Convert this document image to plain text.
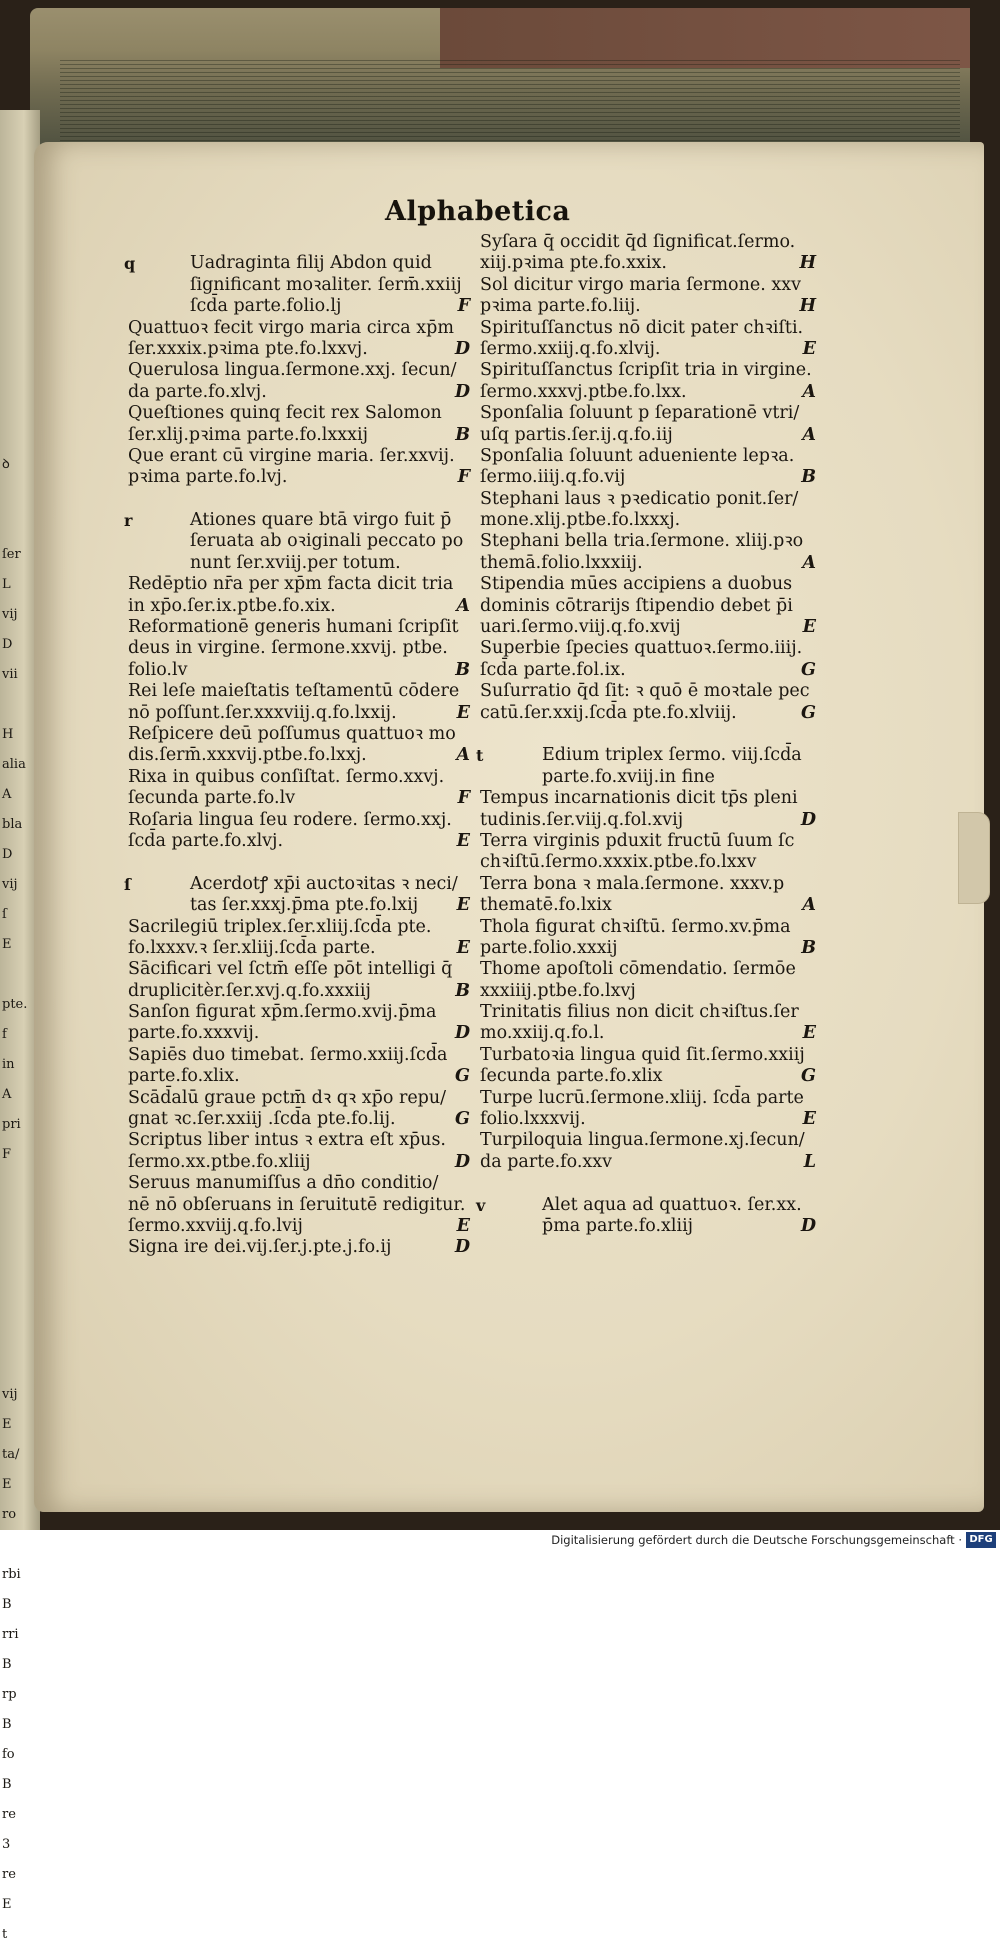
ꝺ

ſer
L
vij
D
vii

H
alia
A
bla
D
vij
ſ
E

pte.
f
in
A
pri
F

vij
E
ta/
E
ro

rbi
B
rri
B
rp
B
fo
B
re
3
re
E
t

Alphabetica
q	Uadraginta filij Abdon quid
ſignificant moꝛaliter. ſerm̄.xxiij
ſcd̄a parte.folio.lj	F
Quattuoꝛ fecit virgo maria circa xp̄m
ſer.xxxix.pꝛima pte.fo.lxxvj.	D
Querulosa lingua.ſermone.xxj. ſecun/
da parte.fo.xlvj.	D
Queſtiones quinq fecit rex Salomon
ſer.xlij.pꝛima parte.fo.lxxxij	B
Que erant cū virgine maria. ſer.xxvij.
pꝛima parte.fo.lvj.	F
r	Ationes quare btā virgo fuit p̄
ſeruata ab oꝛiginali peccato po
nunt ſer.xviij.per totum.
Redēptio nr̄a per xp̄m facta dicit tria
in xp̄o.ſer.ix.ptbe.fo.xix.	A
Reformationē generis humani ſcripſit
deus in virgine. ſermone.xxvij. ptbe.
folio.lv	B
Rei leſe maieſtatis teſtamentū cōdere
nō poſſunt.ſer.xxxviij.q.fo.lxxij.	E
Reſpicere deū poſſumus quattuoꝛ mo
dis.ſerm̄.xxxvij.ptbe.fo.lxxj.	A
Rixa in quibus conſiſtat. ſermo.xxvj.
ſecunda parte.fo.lv	F
Roſaria lingua ſeu rodere. ſermo.xxj.
ſcd̄a parte.fo.xlvj.	E
ſ	Acerdotꝭ xp̄i auctoꝛitas ꝛ neci/
tas ſer.xxxj.p̄ma pte.fo.lxij	E
Sacrilegiū triplex.ſer.xliij.ſcd̄a pte.
fo.lxxxv.ꝛ ſer.xliij.ſcd̄a parte.	E
Sācificari vel ſctm̄ eſſe pōt intelligi q̄
druplicitèr.ſer.xvj.q.fo.xxxiij	B
Sanſon figurat xp̄m.ſermo.xvij.p̄ma
parte.fo.xxxvij.	D
Sapiēs duo timebat. ſermo.xxiij.ſcd̄a
parte.fo.xlix.	G
Scād̄alū graue pctm̄ dꝛ qꝛ xp̄o repu/
gnat ꝛc.ſer.xxiij .ſcd̄a pte.fo.lij.	G
Scriptus liber intus ꝛ extra eſt xp̄us.
ſermo.xx.ptbe.fo.xliij	D
Seruus manumiſſus a dn̄o conditio/
nē nō obſeruans in ſeruitutē redigitur.
ſermo.xxviij.q.fo.lvij	E
Signa ire dei.vij.ſer.j.pte.j.fo.ij	D
Syſara q̄ occidit q̄d ſignificat.ſermo.
xiij.pꝛima pte.fo.xxix.	H
Sol dicitur virgo maria ſermone. xxv
pꝛima parte.fo.liij.	H
Spirituſſanctus nō dicit pater chꝛiſti.
ſermo.xxiij.q.fo.xlvij.	E
Spirituſſanctus ſcripſit tria in virgine.
ſermo.xxxvj.ptbe.fo.lxx.	A
Sponſalia ſoluunt p ſeparationē vtri/
uſq partis.ſer.ij.q.fo.iij	A
Sponſalia ſoluunt adueniente lepꝛa.
ſermo.iiij.q.fo.vij	B
Stephani laus ꝛ pꝛedicatio ponit.ſer/
mone.xlij.ptbe.fo.lxxxj.
Stephani bella tria.ſermone. xliij.pꝛo
themā.folio.lxxxiij.	A
Stipendia mūes accipiens a duobus
dominis cōtrarijs ſtipendio debet p̄i
uari.ſermo.viij.q.fo.xvij	E
Superbie ſpecies quattuoꝛ.ſermo.iiij.
ſcd̄a parte.fol.ix.	G
Suſurratio q̄d ſit: ꝛ quō ē moꝛtale pec
catū.ſer.xxij.ſcd̄a pte.fo.xlviij.	G
t	Edium triplex ſermo. viij.ſcd̄a
parte.fo.xviij.in fine
Tempus incarnationis dicit tp̄s pleni
tudinis.ſer.viij.q.fol.xvij	D
Terra virginis pduxit fructū ſuum ſc
chꝛiſtū.ſermo.xxxix.ptbe.fo.lxxv
Terra bona ꝛ mala.ſermone. xxxv.p
thematē.fo.lxix	A
Thola figurat chꝛiſtū. ſermo.xv.p̄ma
parte.folio.xxxij	B
Thome apoſtoli cōmendatio. ſermōe
xxxiiij.ptbe.fo.lxvj
Trinitatis filius non dicit chꝛiſtus.ſer
mo.xxiij.q.fo.l.	E
Turbatoꝛia lingua quid ſit.ſermo.xxiij
ſecunda parte.fo.xlix	G
Turpe lucrū.ſermone.xliij. ſcd̄a parte
folio.lxxxvij.	E
Turpiloquia lingua.ſermone.xj.ſecun/
da parte.fo.xxv	L
v	Alet aqua ad quattuoꝛ. ſer.xx.
p̄ma parte.fo.xliij	D
Digitalisierung gefördert durch die Deutsche Forschungsgemeinschaft · DFG
